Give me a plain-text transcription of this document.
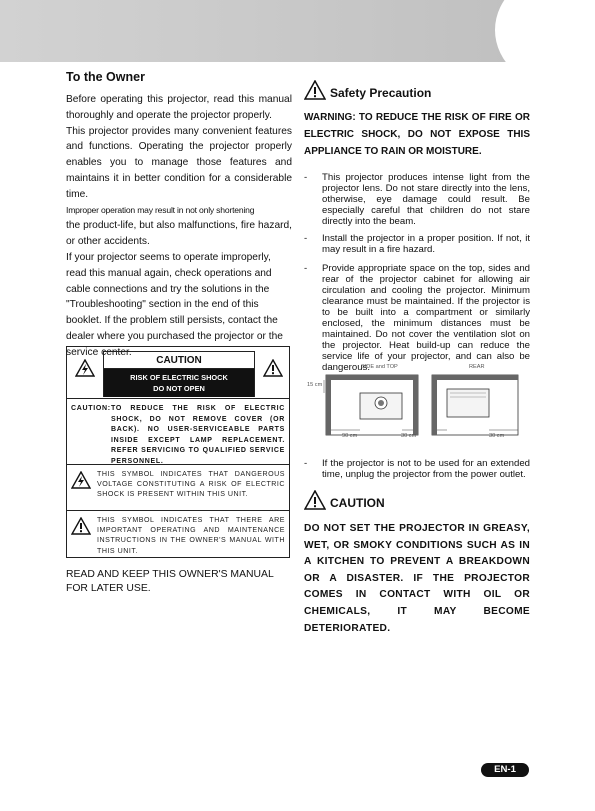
To the Owner

Before operating this projector, read this manual thoroughly and operate the projector properly.

This projector provides many convenient features and functions. Operating the projector properly enables you to manage those features and maintains it in better condition for a considerable time.

Improper operation may result in not only shortening

the product-life, but also malfunctions, fire hazard, or other accidents.

If your projector seems to operate improperly, read this manual again, check operations and cable connections and try the solutions in the "Troubleshooting" section in the end of this booklet. If the problem still persists, contact the dealer where you purchased the projector or the service center.

CAUTION
RISK OF ELECTRIC SHOCK
DO NOT OPEN
CAUTION: TO REDUCE THE RISK OF ELECTRIC SHOCK, DO NOT REMOVE COVER (OR BACK). NO USER-SERVICEABLE PARTS INSIDE EXCEPT LAMP REPLACEMENT. REFER SERVICING TO QUALIFIED SERVICE PERSONNEL.
THIS SYMBOL INDICATES THAT DANGEROUS VOLTAGE CONSTITUTING A RISK OF ELECTRIC SHOCK IS PRESENT WITHIN THIS UNIT.
THIS SYMBOL INDICATES THAT THERE ARE IMPORTANT OPERATING AND MAINTENANCE INSTRUCTIONS IN THE OWNER'S MANUAL WITH THIS UNIT.
READ AND KEEP THIS OWNER'S MANUAL FOR LATER USE.
Safety Precaution
WARNING: TO REDUCE THE RISK OF FIRE OR ELECTRIC SHOCK, DO NOT EXPOSE THIS APPLIANCE TO RAIN OR MOISTURE.
-	This projector produces intense light from the projector lens. Do not stare directly into the lens, otherwise, eye damage could result. Be especially careful that children do not stare directly into the beam.
-	Install the projector in a proper position. If not, it may result in a fire hazard.
-	Provide appropriate space on the top, sides and rear of the projector cabinet for allowing air circulation and cooling the projector. Minimum clearance must be maintained. If the projector is to be built into a compartment or similarly enclosed, the minimum distances must be maintained. Do not cover the ventilation slot on the projector. Heat build-up can reduce the service life of your projector, and can also be dangerous.
SIDE and TOP	REAR
15 cm
90 cm	30 cm	30 cm
-	If the projector is not to be used for an extended time, unplug the projector from the power outlet.
CAUTION
DO NOT SET THE PROJECTOR IN GREASY, WET, OR SMOKY CONDITIONS SUCH AS IN A KITCHEN TO PREVENT A BREAKDOWN OR A DISASTER. IF THE PROJECTOR COMES IN CONTACT WITH OIL OR CHEMICALS, IT MAY BECOME DETERIORATED.
EN-1
